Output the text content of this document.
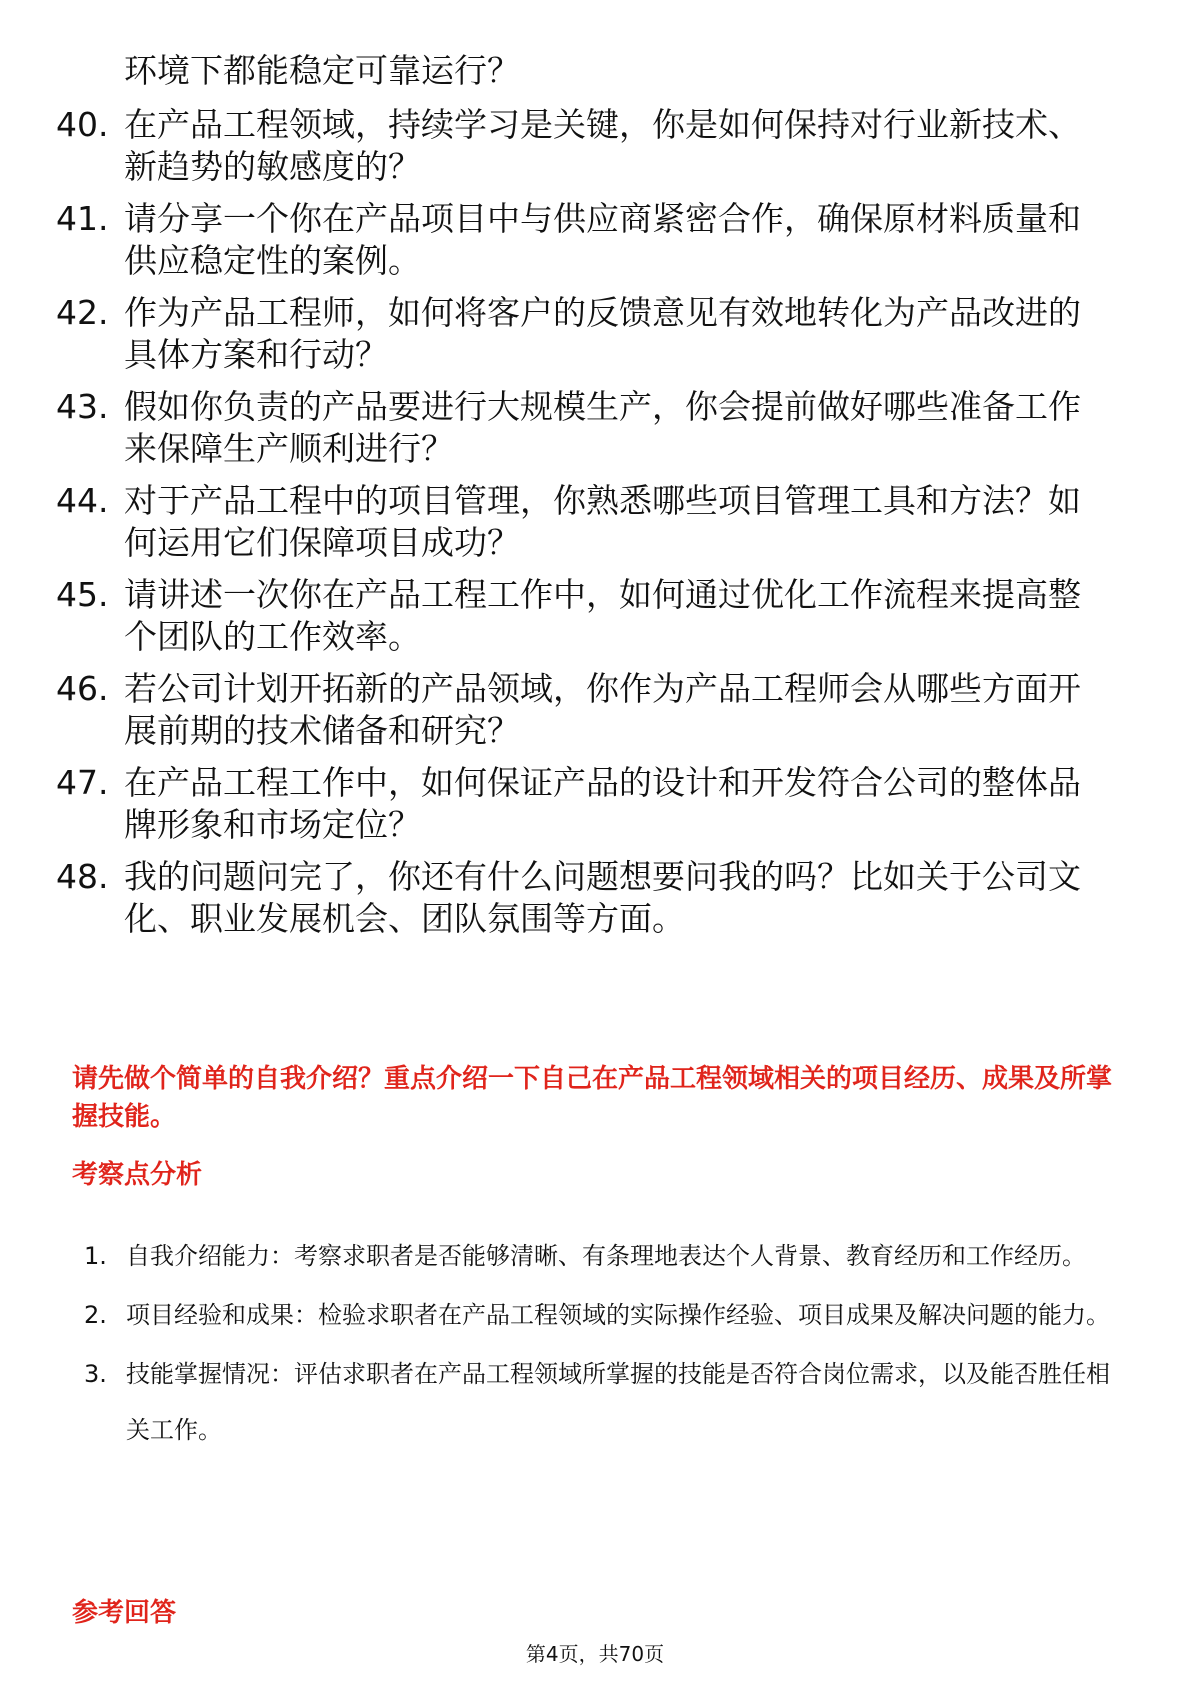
环境下都能稳定可靠运行？
40. 在产品工程领域，持续学习是关键，你是如何保持对行业新技术、新趋势的敏感度的？
41. 请分享一个你在产品项目中与供应商紧密合作，确保原材料质量和供应稳定性的案例。
42. 作为产品工程师，如何将客户的反馈意见有效地转化为产品改进的具体方案和行动？
43. 假如你负责的产品要进行大规模生产，你会提前做好哪些准备工作来保障生产顺利进行？
44. 对于产品工程中的项目管理，你熟悉哪些项目管理工具和方法？如何运用它们保障项目成功？
45. 请讲述一次你在产品工程工作中，如何通过优化工作流程来提高整个团队的工作效率。
46. 若公司计划开拓新的产品领域，你作为产品工程师会从哪些方面开展前期的技术储备和研究？
47. 在产品工程工作中，如何保证产品的设计和开发符合公司的整体品牌形象和市场定位？
48. 我的问题问完了，你还有什么问题想要问我的吗？比如关于公司文化、职业发展机会、团队氛围等方面。
请先做个简单的自我介绍？重点介绍一下自己在产品工程领域相关的项目经历、成果及所掌握技能。
考察点分析
1. 自我介绍能力：考察求职者是否能够清晰、有条理地表达个人背景、教育经历和工作经历。
2. 项目经验和成果：检验求职者在产品工程领域的实际操作经验、项目成果及解决问题的能力。
3. 技能掌握情况：评估求职者在产品工程领域所掌握的技能是否符合岗位需求，以及能否胜任相关工作。
参考回答
第4页，共70页
